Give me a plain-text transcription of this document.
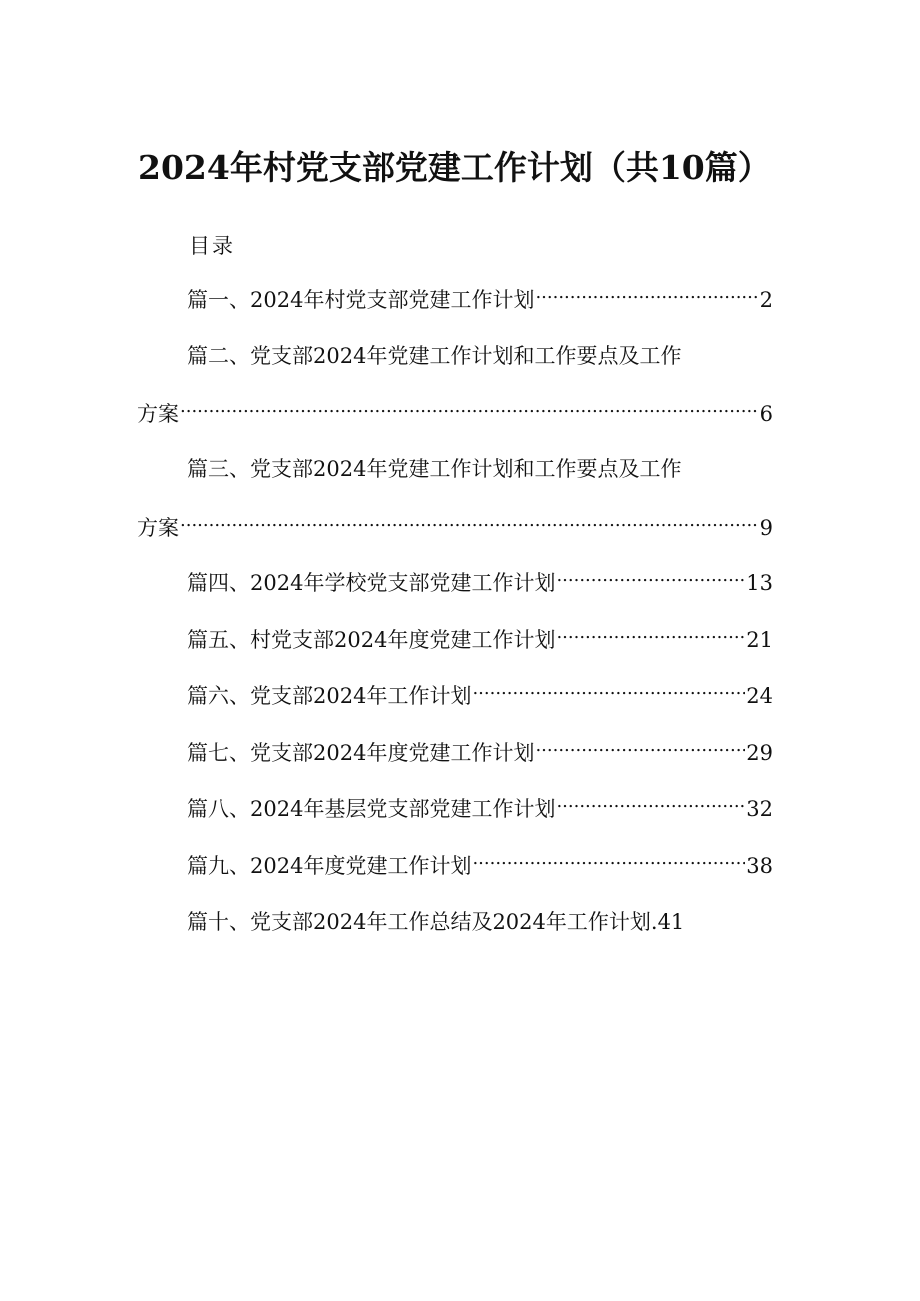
2024年村党支部党建工作计划（共10篇）
目录
篇一、2024年村党支部党建工作计划 .....	2
篇二、党支部2024年党建工作计划和工作要点及工作
方案 .....	6
篇三、党支部2024年党建工作计划和工作要点及工作
方案 .....	9
篇四、2024年学校党支部党建工作计划 .....	13
篇五、村党支部2024年度党建工作计划 .....	21
篇六、党支部2024年工作计划 .....	24
篇七、党支部2024年度党建工作计划 .....	29
篇八、2024年基层党支部党建工作计划 .....	32
篇九、2024年度党建工作计划 .....	38
篇十、党支部2024年工作总结及2024年工作计划.41
